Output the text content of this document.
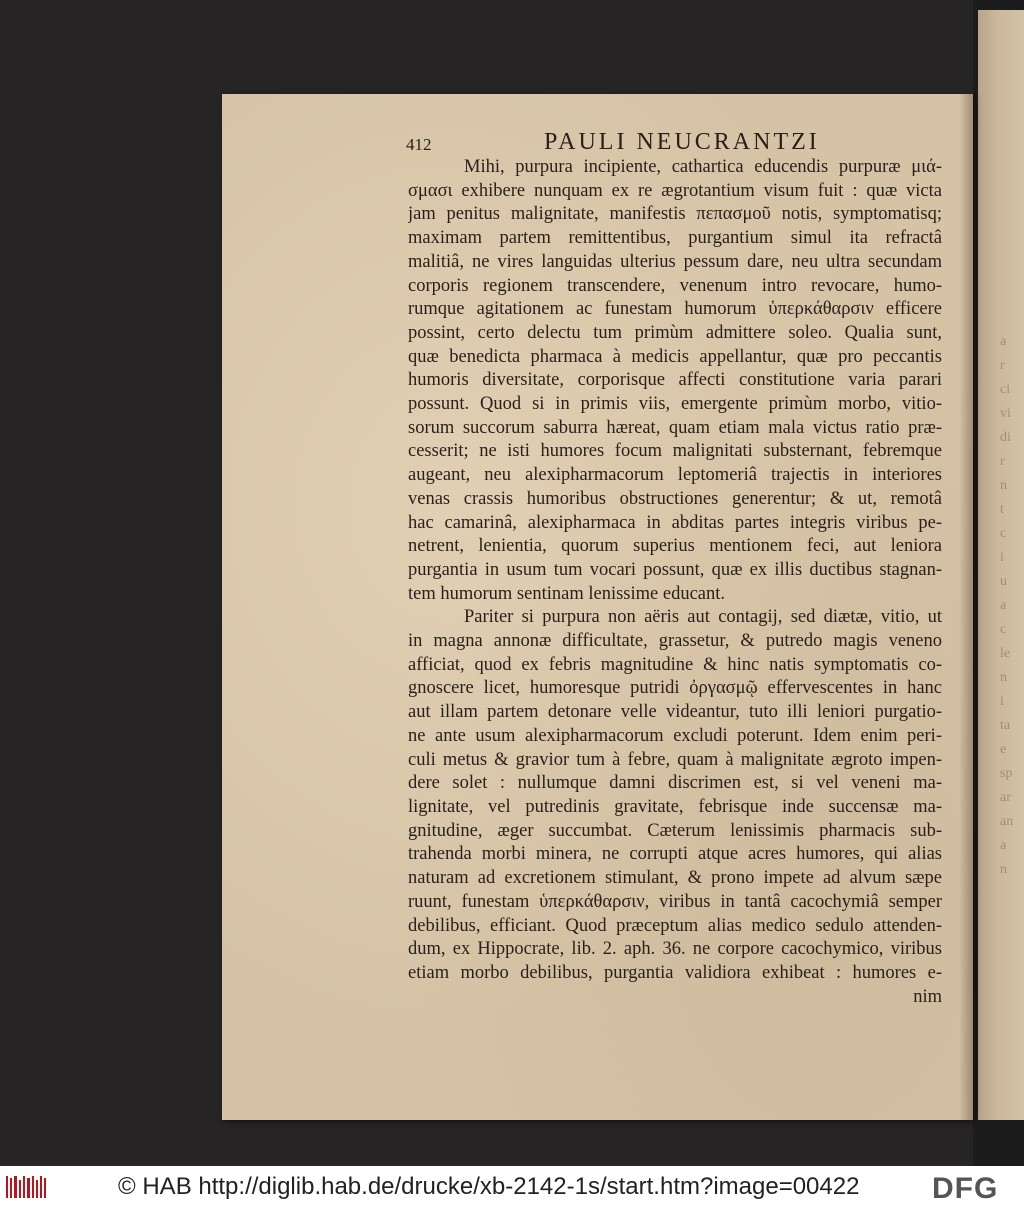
a
r
ci
vi
di
r
n
t
c
i
u
a
c
le
n
i
ta
e
sp
ar
an
a
n
412	PAULI NEUCRANTZI
Mihi, purpura incipiente, cathartica educendis purpuræ μιά-
σμασι exhibere nunquam ex re ægrotantium visum fuit : quæ victa
jam penitus malignitate, manifestis πεπασμοῦ notis, symptomatisq;
maximam partem remittentibus, purgantium simul ita refractâ
malitiâ, ne vires languidas ulterius pessum dare, neu ultra secundam
corporis regionem transcendere, venenum intro revocare, humo-
rumque agitationem ac funestam humorum ὑπερκάθαρσιν efficere
possint, certo delectu tum primùm admittere soleo. Qualia sunt,
quæ benedicta pharmaca à medicis appellantur, quæ pro peccantis
humoris diversitate, corporisque affecti constitutione varia parari
possunt. Quod si in primis viis, emergente primùm morbo, vitio-
sorum succorum saburra hæreat, quam etiam mala victus ratio præ-
cesserit; ne isti humores focum malignitati substernant, febremque
augeant, neu alexipharmacorum leptomeriâ trajectis in interiores
venas crassis humoribus obstructiones generentur; & ut, remotâ
hac camarinâ, alexipharmaca in abditas partes integris viribus pe-
netrent, lenientia, quorum superius mentionem feci, aut leniora
purgantia in usum tum vocari possunt, quæ ex illis ductibus stagnan-
tem humorum sentinam lenissime educant.
Pariter si purpura non aëris aut contagij, sed diætæ, vitio, ut
in magna annonæ difficultate, grassetur, & putredo magis veneno
afficiat, quod ex febris magnitudine & hinc natis symptomatis co-
gnoscere licet, humoresque putridi ὀργασμῷ effervescentes in hanc
aut illam partem detonare velle videantur, tuto illi leniori purgatio-
ne ante usum alexipharmacorum excludi poterunt. Idem enim peri-
culi metus & gravior tum à febre, quam à malignitate ægroto impen-
dere solet : nullumque damni discrimen est, si vel veneni ma-
lignitate, vel putredinis gravitate, febrisque inde succensæ ma-
gnitudine, æger succumbat. Cæterum lenissimis pharmacis sub-
trahenda morbi minera, ne corrupti atque acres humores, qui alias
naturam ad excretionem stimulant, & prono impete ad alvum sæpe
ruunt, funestam ὑπερκάθαρσιν, viribus in tantâ cacochymiâ semper
debilibus, efficiant. Quod præceptum alias medico sedulo attenden-
dum, ex Hippocrate, lib. 2. aph. 36. ne corpore cacochymico, viribus
etiam morbo debilibus, purgantia validiora exhibeat : humores e-
nim
© HAB http://diglib.hab.de/drucke/xb-2142-1s/start.htm?image=00422 DFG
